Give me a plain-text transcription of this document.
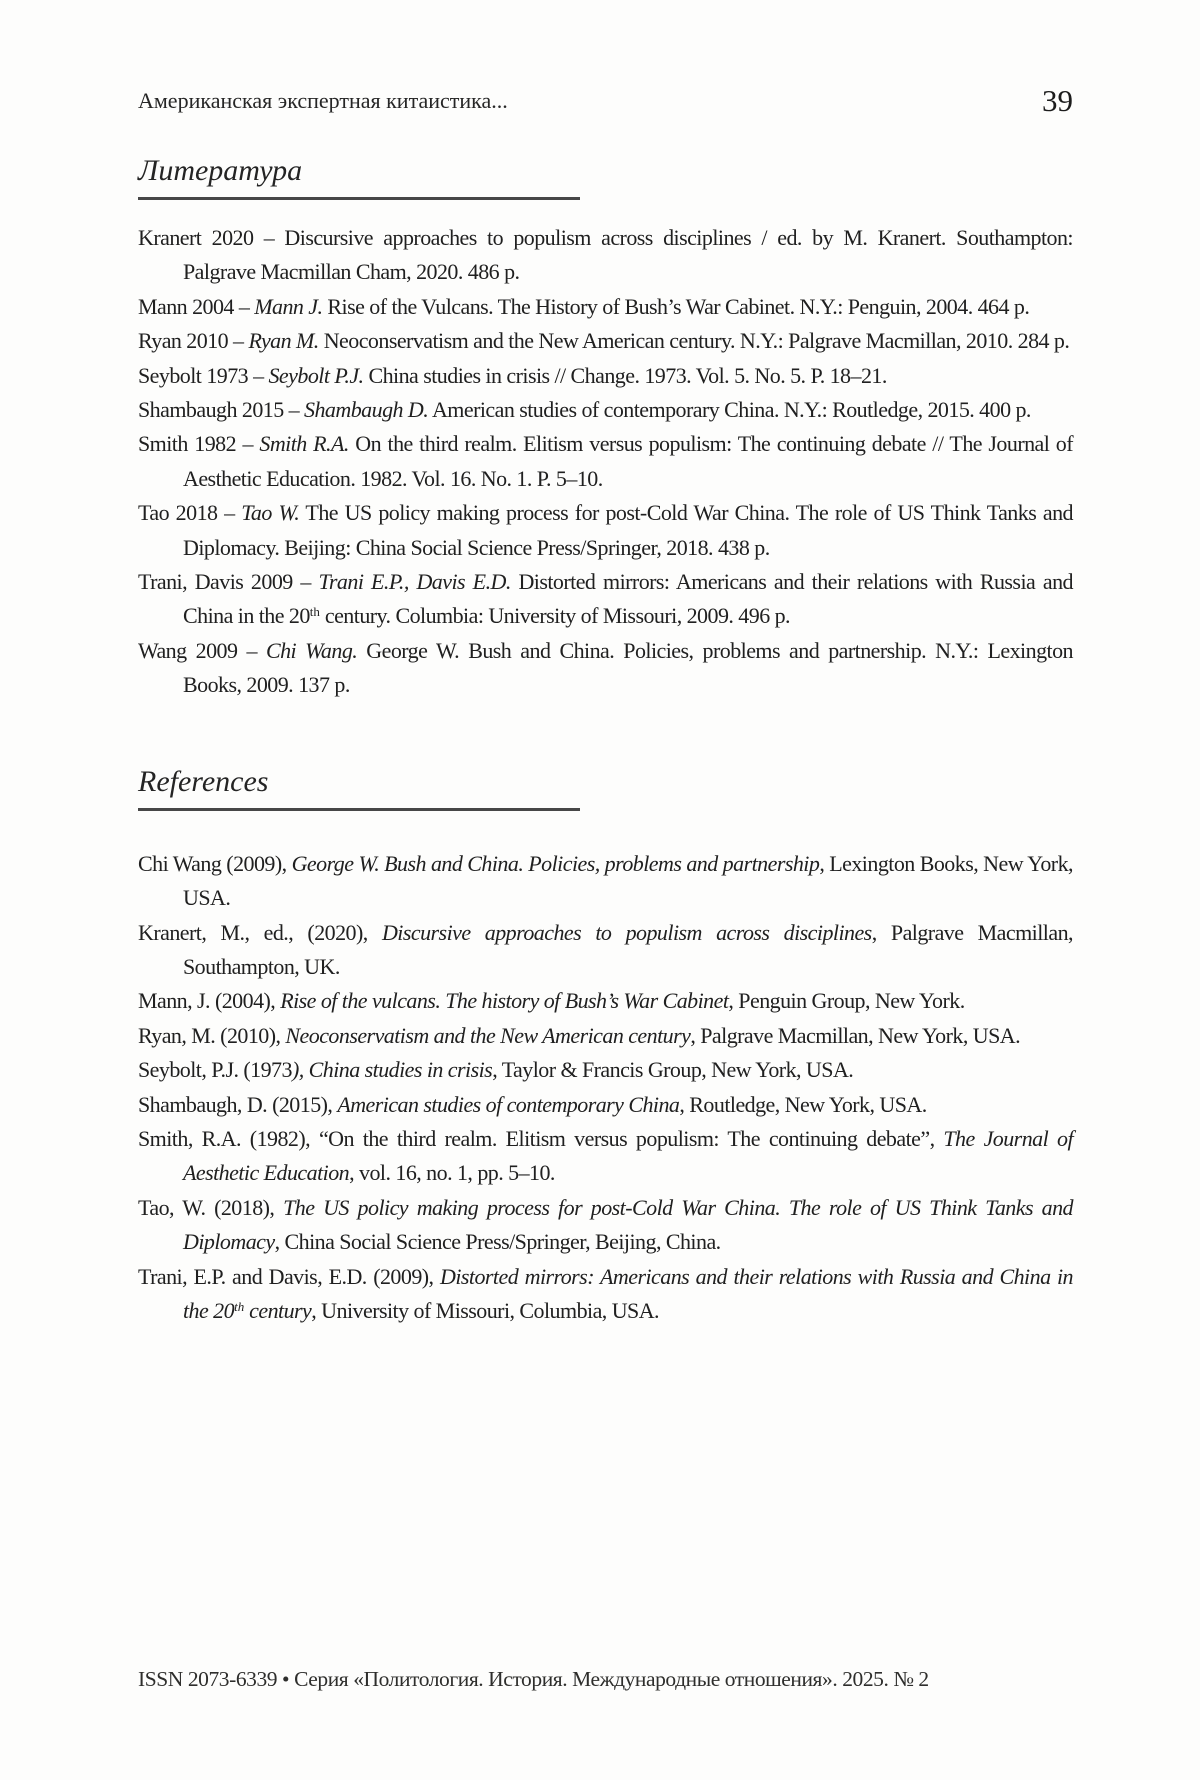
Американская экспертная китаистика...	39
Литература

Kranert 2020 – Discursive approaches to populism across disciplines / ed. by M. Kranert. Southampton: Palgrave Macmillan Cham, 2020. 486 p.

Mann 2004 – Mann J. Rise of the Vulcans. The History of Bush’s War Cabinet. N.Y.: Penguin, 2004. 464 p.

Ryan 2010 – Ryan M. Neoconservatism and the New American century. N.Y.: Palgrave Macmillan, 2010. 284 p.

Seybolt 1973 – Seybolt P.J. China studies in crisis // Change. 1973. Vol. 5. No. 5. P. 18–21.

Shambaugh 2015 – Shambaugh D. American studies of contemporary China. N.Y.: Routledge, 2015. 400 p.

Smith 1982 – Smith R.A. On the third realm. Elitism versus populism: The continuing debate // The Journal of Aesthetic Education. 1982. Vol. 16. No. 1. P. 5–10.

Tao 2018 – Tao W. The US policy making process for post-Cold War China. The role of US Think Tanks and Diplomacy. Beijing: China Social Science Press/Springer, 2018. 438 p.

Trani, Davis 2009 – Trani E.P., Davis E.D. Distorted mirrors: Americans and their relations with Russia and China in the 20th century. Columbia: University of Missouri, 2009. 496 p.

Wang 2009 – Chi Wang. George W. Bush and China. Policies, problems and partnership. N.Y.: Lexington Books, 2009. 137 p.

References

Chi Wang (2009), George W. Bush and China. Policies, problems and partnership, Lexington Books, New York, USA.

Kranert, M., ed., (2020), Discursive approaches to populism across disciplines, Palgrave Macmillan, Southampton, UK.

Mann, J. (2004), Rise of the vulcans. The history of Bush’s War Cabinet, Penguin Group, New York.

Ryan, M. (2010), Neoconservatism and the New American century, Palgrave Macmillan, New York, USA.

Seybolt, P.J. (1973), China studies in crisis, Taylor & Francis Group, New York, USA.

Shambaugh, D. (2015), American studies of contemporary China, Routledge, New York, USA.

Smith, R.A. (1982), “On the third realm. Elitism versus populism: The continuing debate”, The Journal of Aesthetic Education, vol. 16, no. 1, pp. 5–10.

Tao, W. (2018), The US policy making process for post-Cold War China. The role of US Think Tanks and Diplomacy, China Social Science Press/Springer, Beijing, China.

Trani, E.P. and Davis, E.D. (2009), Distorted mirrors: Americans and their relations with Russia and China in the 20th century, University of Missouri, Columbia, USA.

ISSN 2073-6339 • Серия «Политология. История. Международные отношения». 2025. № 2
